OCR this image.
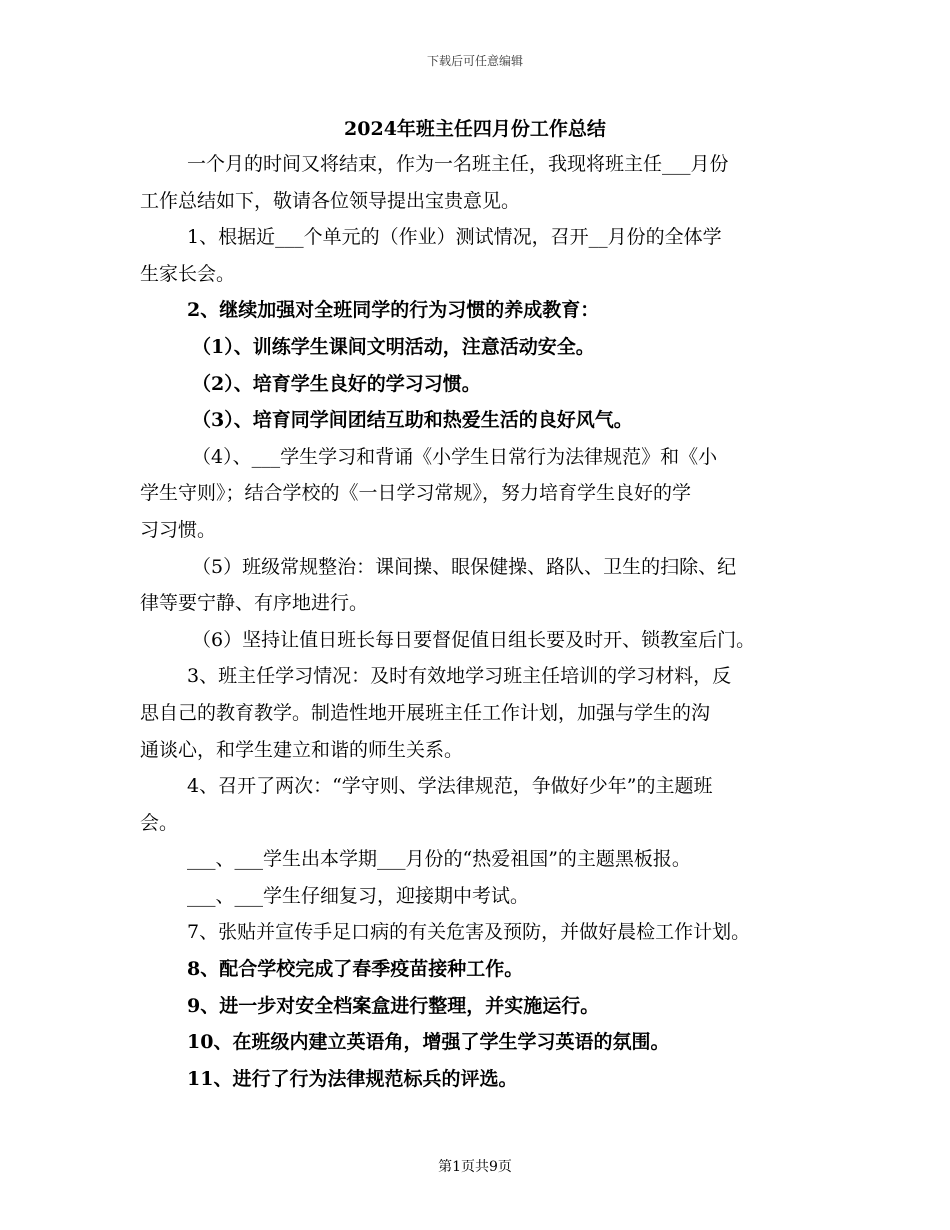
下载后可任意编辑
2024年班主任四月份工作总结
一个月的时间又将结束，作为一名班主任，我现将班主任___月份
工作总结如下，敬请各位领导提出宝贵意见。
1、根据近___个单元的（作业）测试情况，召开__月份的全体学
生家长会。
2、继续加强对全班同学的行为习惯的养成教育：
（1）、训练学生课间文明活动，注意活动安全。
（2）、培育学生良好的学习习惯。
（3）、培育同学间团结互助和热爱生活的良好风气。
（4）、___学生学习和背诵《小学生日常行为法律规范》和《小
学生守则》；结合学校的《一日学习常规》，努力培育学生良好的学
习习惯。
（5）班级常规整治：课间操、眼保健操、路队、卫生的扫除、纪
律等要宁静、有序地进行。
（6）坚持让值日班长每日要督促值日组长要及时开、锁教室后门。
3、班主任学习情况：及时有效地学习班主任培训的学习材料，反
思自己的教育教学。制造性地开展班主任工作计划，加强与学生的沟
通谈心，和学生建立和谐的师生关系。
4、召开了两次：“学守则、学法律规范，争做好少年”的主题班
会。
___、___学生出本学期___月份的“热爱祖国”的主题黑板报。
___、___学生仔细复习，迎接期中考试。
7、张贴并宣传手足口病的有关危害及预防，并做好晨检工作计划。
8、配合学校完成了春季疫苗接种工作。
9、进一步对安全档案盒进行整理，并实施运行。
10、在班级内建立英语角，增强了学生学习英语的氛围。
11、进行了行为法律规范标兵的评选。
第1页共9页
